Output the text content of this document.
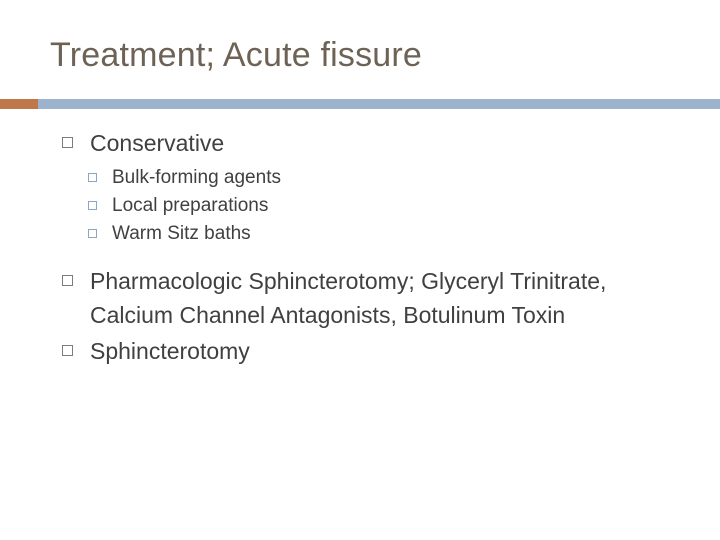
Treatment; Acute fissure
Conservative
Bulk-forming agents
Local preparations
Warm Sitz baths
Pharmacologic Sphincterotomy; Glyceryl Trinitrate, Calcium Channel Antagonists, Botulinum Toxin
Sphincterotomy
